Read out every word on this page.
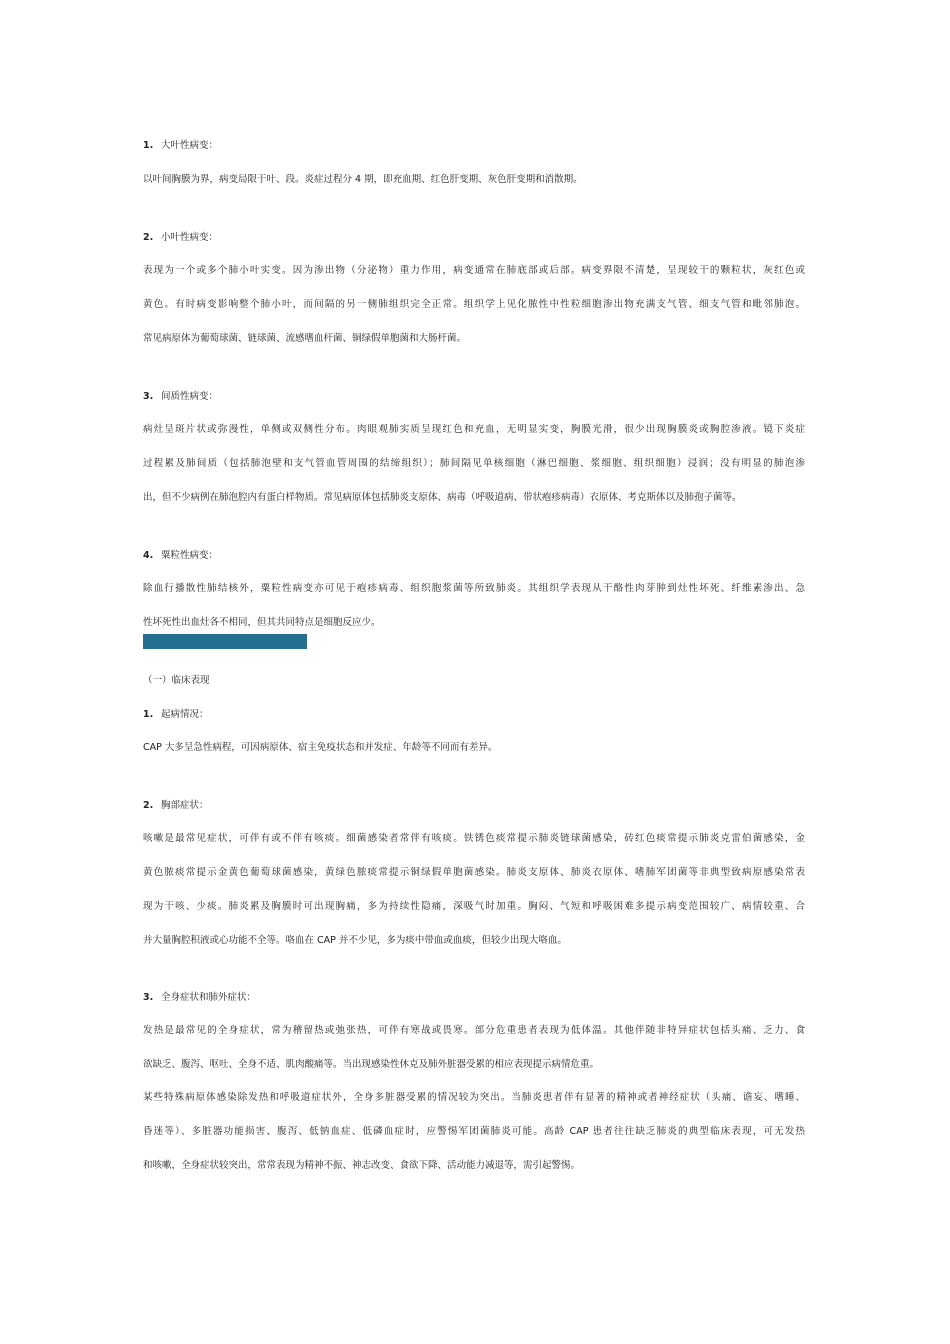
1. 大叶性病变：

以叶间胸膜为界，病变局限于叶、段。炎症过程分 4 期，即充血期、红色肝变期、灰色肝变期和消散期。

2. 小叶性病变：

表现为一个或多个肺小叶实变。因为渗出物（分泌物）重力作用，病变通常在肺底部或后部。病变界限不清楚，呈现较干的颗粒状，灰红色或

黄色。有时病变影响整个肺小叶，而间隔的另一侧肺组织完全正常。组织学上见化脓性中性粒细胞渗出物充满支气管、细支气管和毗邻肺泡。

常见病原体为葡萄球菌、链球菌、流感嗜血杆菌、铜绿假单胞菌和大肠杆菌。

3. 间质性病变：

病灶呈斑片状或弥漫性，单侧或双侧性分布。肉眼观肺实质呈现红色和充血，无明显实变，胸膜光滑，很少出现胸膜炎或胸腔渗液。镜下炎症

过程累及肺间质（包括肺泡壁和支气管血管周围的结缔组织）；肺间隔见单核细胞（淋巴细胞、浆细胞、组织细胞）浸润；没有明显的肺泡渗

出，但不少病例在肺泡腔内有蛋白样物质。常见病原体包括肺炎支原体、病毒（呼吸道病、带状疱疹病毒）衣原体、考克斯体以及肺孢子菌等。

4. 粟粒性病变：

除血行播散性肺结核外，粟粒性病变亦可见于疱疹病毒、组织胞浆菌等所致肺炎。其组织学表现从干酪性肉芽肿到灶性坏死、纤维素渗出、急

性坏死性出血灶各不相同，但其共同特点是细胞反应少。

（一）临床表现

1. 起病情况：

CAP 大多呈急性病程，可因病原体、宿主免疫状态和并发症、年龄等不同而有差异。

2. 胸部症状：

咳嗽是最常见症状，可伴有或不伴有咳痰。细菌感染者常伴有咳痰。铁锈色痰常提示肺炎链球菌感染，砖红色痰常提示肺炎克雷伯菌感染，金

黄色脓痰常提示金黄色葡萄球菌感染，黄绿色脓痰常提示铜绿假单胞菌感染。肺炎支原体、肺炎衣原体、嗜肺军团菌等非典型致病原感染常表

现为干咳、少痰。肺炎累及胸膜时可出现胸痛，多为持续性隐痛，深吸气时加重。胸闷、气短和呼吸困难多提示病变范围较广、病情较重、合

并大量胸腔积液或心功能不全等。咯血在 CAP 并不少见，多为痰中带血或血痰，但较少出现大咯血。

3. 全身症状和肺外症状：

发热是最常见的全身症状，常为稽留热或弛张热，可伴有寒战或畏寒。部分危重患者表现为低体温。其他伴随非特异症状包括头痛、乏力、食

欲缺乏、腹泻、呕吐、全身不适、肌肉酸痛等。当出现感染性休克及肺外脏器受累的相应表现提示病情危重。

某些特殊病原体感染除发热和呼吸道症状外，全身多脏器受累的情况较为突出。当肺炎患者伴有显著的精神或者神经症状（头痛、谵妄、嗜睡、

昏迷等）、多脏器功能损害、腹泻、低钠血症、低磷血症时，应警惕军团菌肺炎可能。高龄 CAP 患者往往缺乏肺炎的典型临床表现，可无发热

和咳嗽，全身症状较突出，常常表现为精神不振、神志改变、食欲下降、活动能力减退等，需引起警惕。
